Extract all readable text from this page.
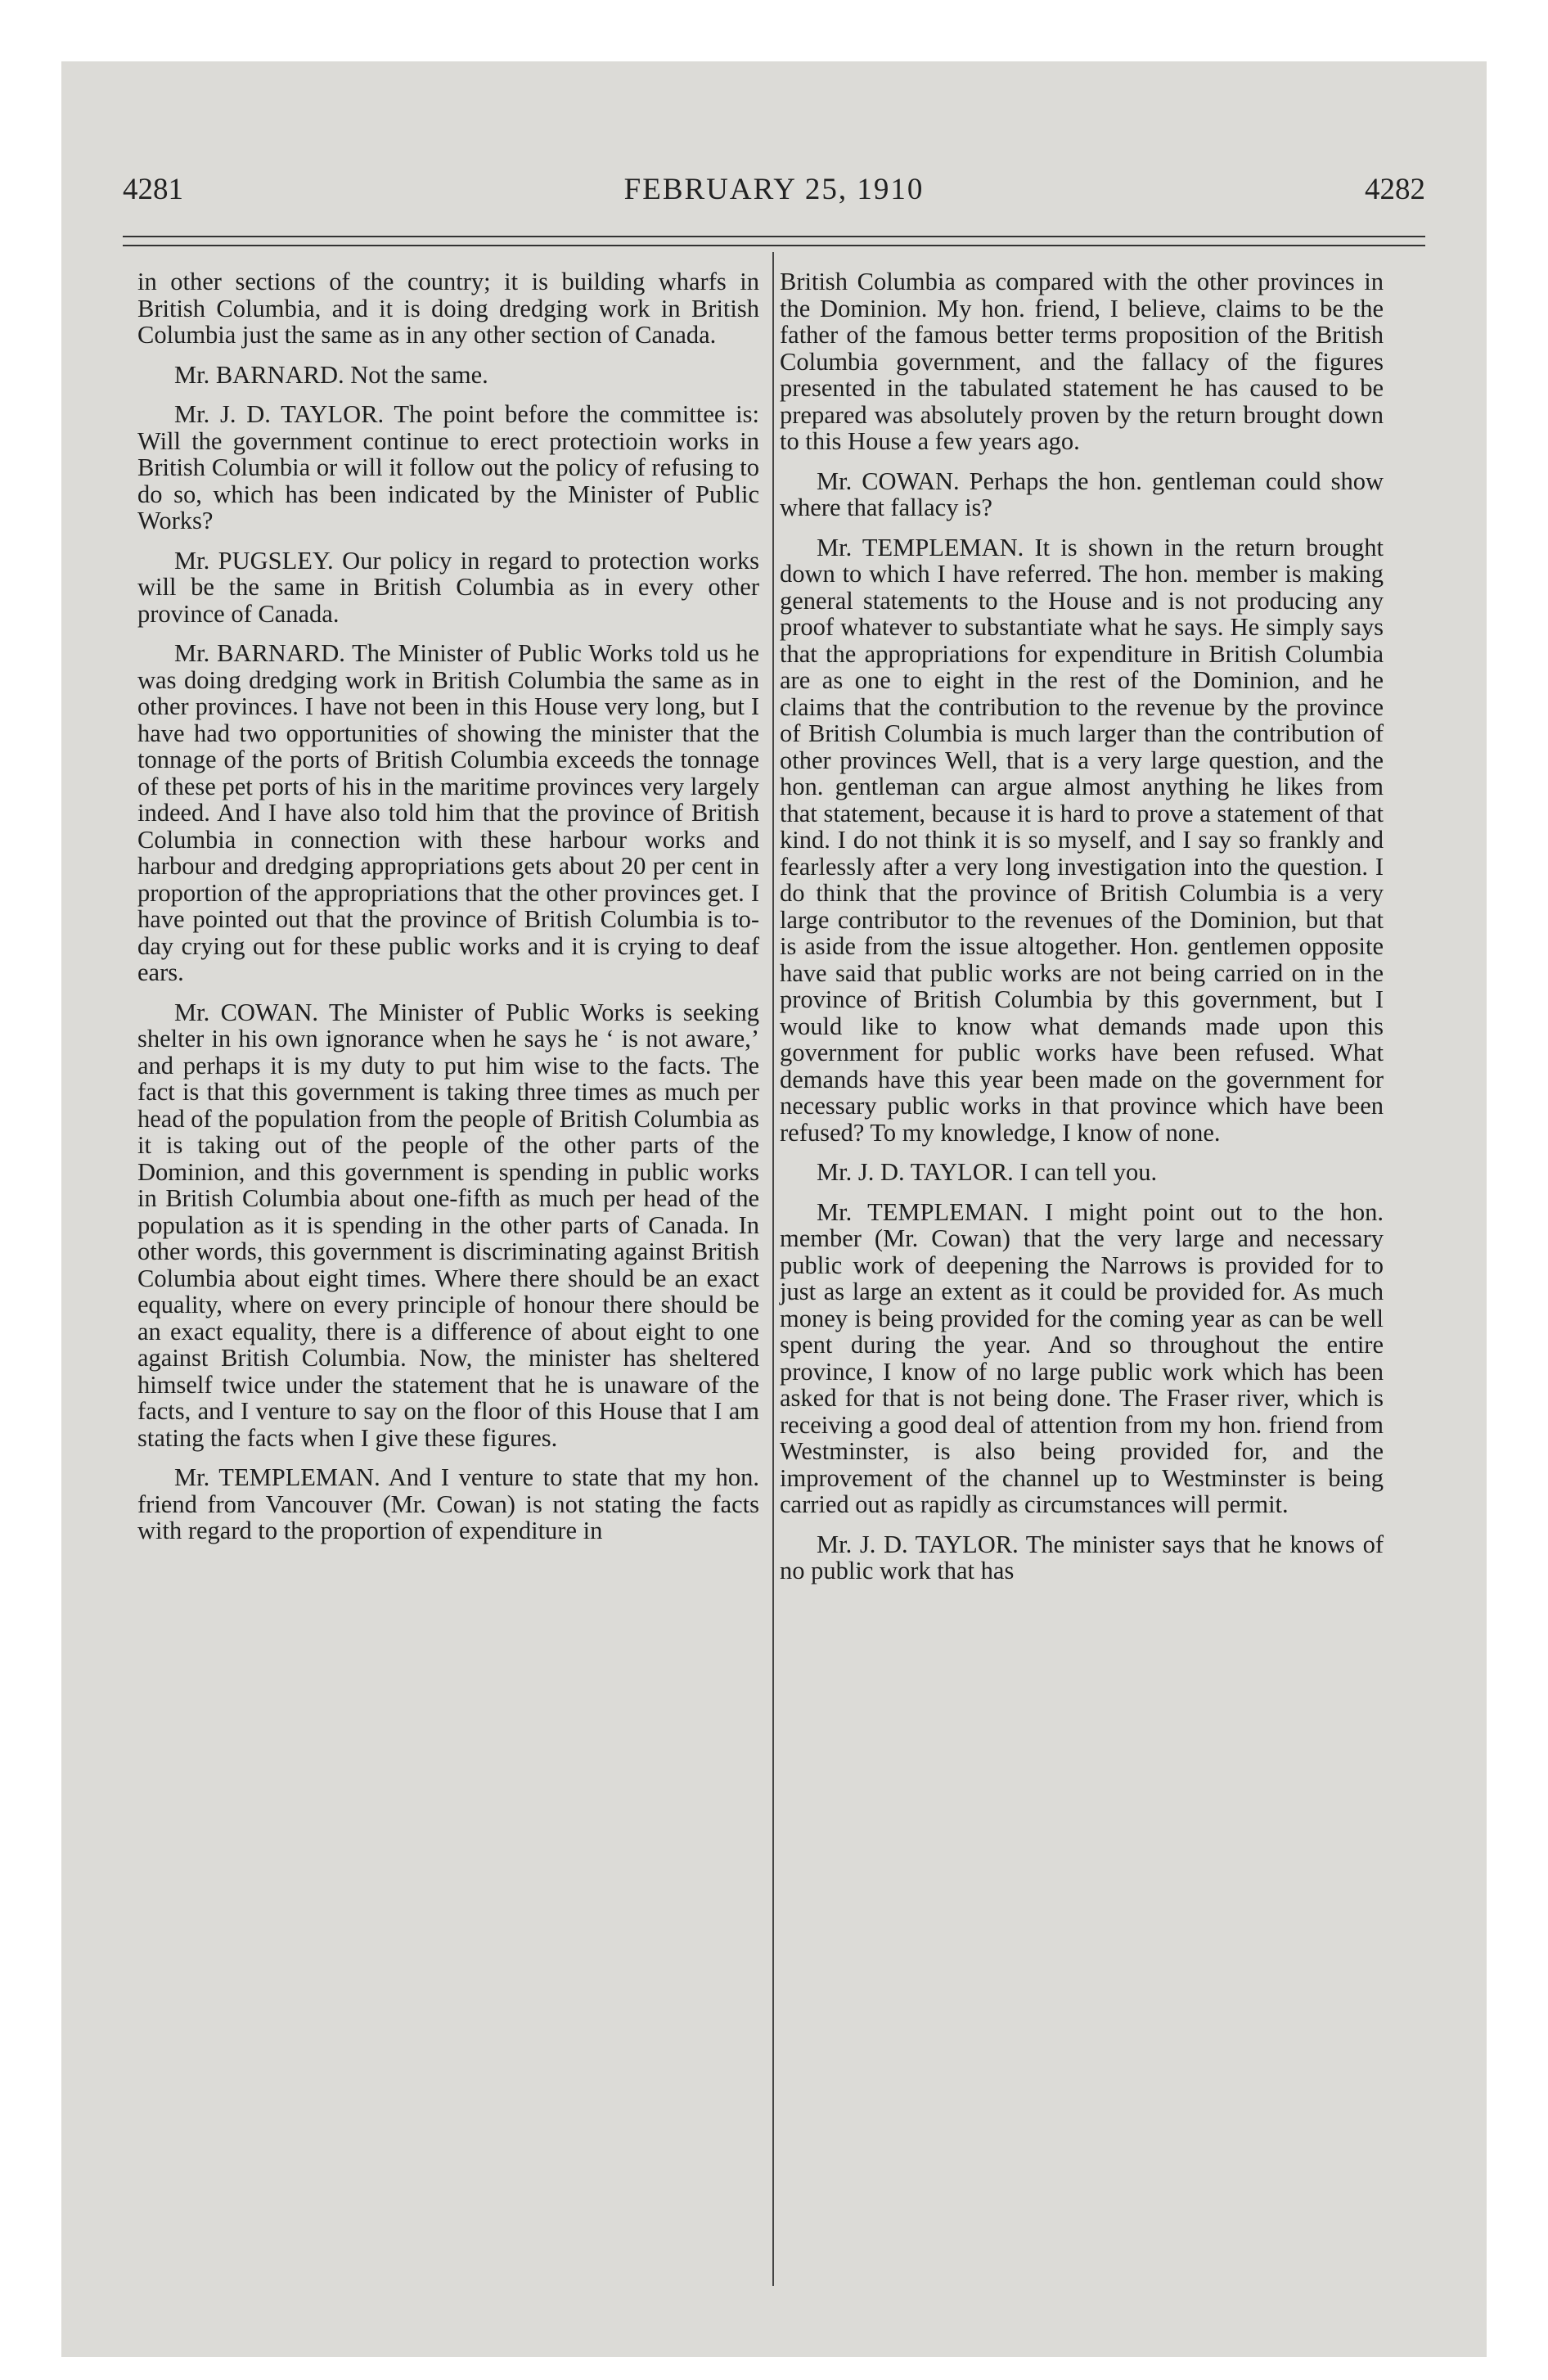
4281	FEBRUARY 25, 1910	4282

in other sections of the country; it is building wharfs in British Columbia, and it is doing dredging work in British Columbia just the same as in any other section of Canada.

Mr. BARNARD. Not the same.

Mr. J. D. TAYLOR. The point before the committee is: Will the government continue to erect protectioin works in British Columbia or will it follow out the policy of refusing to do so, which has been indicated by the Minister of Public Works?

Mr. PUGSLEY. Our policy in regard to protection works will be the same in British Columbia as in every other province of Canada.

Mr. BARNARD. The Minister of Public Works told us he was doing dredging work in British Columbia the same as in other provinces. I have not been in this House very long, but I have had two opportunities of showing the minister that the tonnage of the ports of British Columbia exceeds the tonnage of these pet ports of his in the maritime provinces very largely indeed. And I have also told him that the province of British Columbia in connection with these harbour works and harbour and dredging appropriations gets about 20 per cent in proportion of the appropriations that the other provinces get. I have pointed out that the province of British Columbia is to-day crying out for these public works and it is crying to deaf ears.

Mr. COWAN. The Minister of Public Works is seeking shelter in his own ignorance when he says he ‘ is not aware,’ and perhaps it is my duty to put him wise to the facts. The fact is that this government is taking three times as much per head of the population from the people of British Columbia as it is taking out of the people of the other parts of the Dominion, and this government is spending in public works in British Columbia about one-fifth as much per head of the population as it is spending in the other parts of Canada. In other words, this government is discriminating against British Columbia about eight times. Where there should be an exact equality, where on every principle of honour there should be an exact equality, there is a difference of about eight to one against British Columbia. Now, the minister has sheltered himself twice under the statement that he is unaware of the facts, and I venture to say on the floor of this House that I am stating the facts when I give these figures.

Mr. TEMPLEMAN. And I venture to state that my hon. friend from Vancouver (Mr. Cowan) is not stating the facts with regard to the proportion of expenditure in

British Columbia as compared with the other provinces in the Dominion. My hon. friend, I believe, claims to be the father of the famous better terms proposition of the British Columbia government, and the fallacy of the figures presented in the tabulated statement he has caused to be prepared was absolutely proven by the return brought down to this House a few years ago.

Mr. COWAN. Perhaps the hon. gentleman could show where that fallacy is?

Mr. TEMPLEMAN. It is shown in the return brought down to which I have referred. The hon. member is making general statements to the House and is not producing any proof whatever to substantiate what he says. He simply says that the appropriations for expenditure in British Columbia are as one to eight in the rest of the Dominion, and he claims that the contribution to the revenue by the province of British Columbia is much larger than the contribution of other provinces Well, that is a very large question, and the hon. gentleman can argue almost anything he likes from that statement, because it is hard to prove a statement of that kind. I do not think it is so myself, and I say so frankly and fearlessly after a very long investigation into the question. I do think that the province of British Columbia is a very large contributor to the revenues of the Dominion, but that is aside from the issue altogether. Hon. gentlemen opposite have said that public works are not being carried on in the province of British Columbia by this government, but I would like to know what demands made upon this government for public works have been refused. What demands have this year been made on the government for necessary public works in that province which have been refused? To my knowledge, I know of none.

Mr. J. D. TAYLOR. I can tell you.

Mr. TEMPLEMAN. I might point out to the hon. member (Mr. Cowan) that the very large and necessary public work of deepening the Narrows is provided for to just as large an extent as it could be provided for. As much money is being provided for the coming year as can be well spent during the year. And so throughout the entire province, I know of no large public work which has been asked for that is not being done. The Fraser river, which is receiving a good deal of attention from my hon. friend from Westminster, is also being provided for, and the improvement of the channel up to Westminster is being carried out as rapidly as circumstances will permit.

Mr. J. D. TAYLOR. The minister says that he knows of no public work that has
